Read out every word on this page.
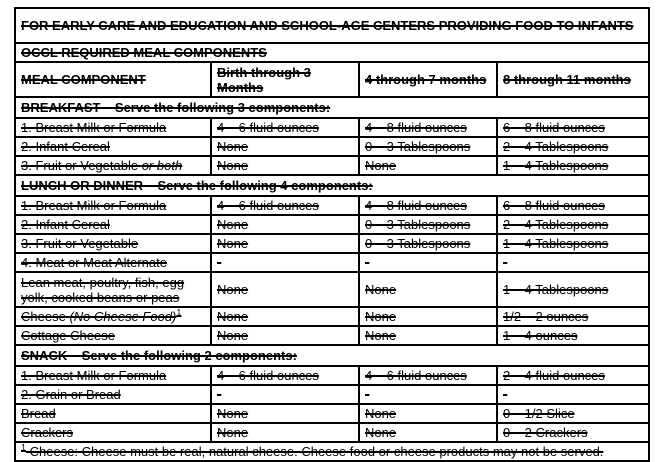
FOR EARLY CARE AND EDUCATION AND SCHOOL-AGE CENTERS PROVIDING FOOD TO INFANTS			
OCCL REQUIRED MEAL COMPONENTS			
MEAL COMPONENT	Birth through 3 Months	4 through 7 months	8 through 11 months
BREAKFAST – Serve the following 3 components:			
1. Breast Milk or Formula	4 – 6 fluid ounces	4 – 8 fluid ounces	6 – 8 fluid ounces
2. Infant Cereal	None	0 – 3 Tablespoons	2 – 4 Tablespoons
3. Fruit or Vegetable or both	None	None	1 – 4 Tablespoons
LUNCH OR DINNER – Serve the following 4 components:			
1. Breast Milk or Formula	4 – 6 fluid ounces	4 – 8 fluid ounces	6 – 8 fluid ounces
2. Infant Cereal	None	0 – 3 Tablespoons	2 – 4 Tablespoons
3. Fruit or Vegetable	None	0 – 3 Tablespoons	1 – 4 Tablespoons
4. Meat or Meat Alternate	-	-	-
Lean meat, poultry, fish, egg yolk, cooked beans or peas	None	None	1 – 4 Tablespoons
Cheese (No Cheese Food)$^1$	None	None	1/2 – 2 ounces
Cottage Cheese	None	None	1 – 4 ounces
SNACK – Serve the following 2 components:			
1. Breast Milk or Formula	4 – 6 fluid ounces	4 – 6 fluid ounces	2 – 4 fluid ounces
2. Grain or Bread	-	-	-
Bread	None	None	0 – 1/2 Slice
Crackers	None	None	0 – 2 Crackers
$^1$ Cheese: Cheese must be real, natural cheese. Cheese food or cheese products may not be served.			
